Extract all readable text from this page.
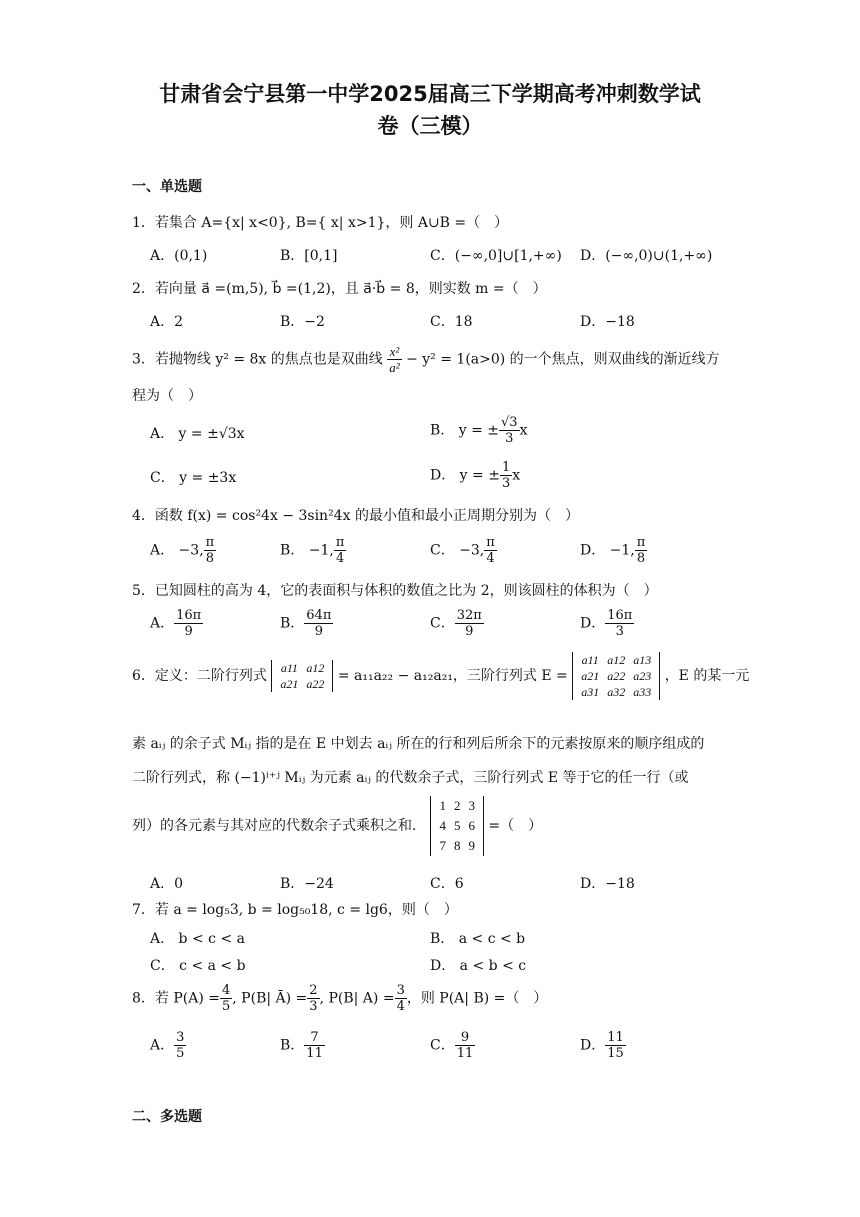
甘肃省会宁县第一中学2025届高三下学期高考冲刺数学试
卷（三模）
一、单选题
1．若集合 A={x| x<0}, B={ x| x>1}，则 A∪B =（　）
A．(0,1)	B．[0,1]	C．(−∞,0]∪[1,+∞) D．(−∞,0)∪(1,+∞)
2．若向量 a⃗ =(m,5), b⃗ =(1,2)，且 a⃗·b⃗ = 8，则实数 m =（　）
A．2	B．−2	C．18	D．−18
3．若抛物线 y² = 8x 的焦点也是双曲线 $\frac{\text{x²}}{\text{a²}} - y^2 = 1(a>0)$ 的一个焦点，则双曲线的渐近线方
程为（　）
A． y = ±√3x	B． y = ± $\frac{√3}{3}$ x
C． y = ±3x	D． y = ± $\frac{1}{3}$ x
4．函数 f(x) = cos²4x − 3sin²4x 的最小值和最小正周期分别为（　）
A． −3, $\frac{\pi}{8}$	B． −1, $\frac{\pi}{4}$	C． −3, $\frac{\pi}{4}$	D． −1, $\frac{\pi}{8}$
5．已知圆柱的高为 4，它的表面积与体积的数值之比为 2，则该圆柱的体积为（　）
A． $\frac{16\pi}{9}$	B． $\frac{64\pi}{9}$	C． $\frac{32\pi}{9}$	D． $\frac{16\pi}{3}$
6．定义：二阶行列式 a11	a12
a21	a22 = a₁₁a₂₂ − a₁₂a₂₁，三阶行列式 E =
a11	a12	a13
a21	a22	a23
a31	a32	a33
，E 的某一元
素 aᵢⱼ 的余子式 Mᵢⱼ 指的是在 E 中划去 aᵢⱼ 所在的行和列后所余下的元素按原来的顺序组成的
二阶行列式，称 (−1)ⁱ⁺ʲ Mᵢⱼ 为元素 aᵢⱼ 的代数余子式，三阶行列式 E 等于它的任一行（或
列）的各元素与其对应的代数余子式乘积之和．
1	2	3
4	5	6
7	8	9
=（　）
A．0	B．−24	C．6	D．−18
7．若 a = log₅3, b = log₅₀18, c = lg6，则（　）
A． b < c < a	B． a < c < b
C． c < a < b	D． a < b < c
8．若 $P(A) = \frac{4}{5}$ , P(B| Ā) = $\frac{2}{3}$ , P(B| $A) = \frac{3}{4}$ ，则 P(A| B) =（　）
A． $\frac{3}{5}$	B． $\frac{7}{11}$	C． $\frac{9}{11}$	D． $\frac{11}{15}$
二、多选题
